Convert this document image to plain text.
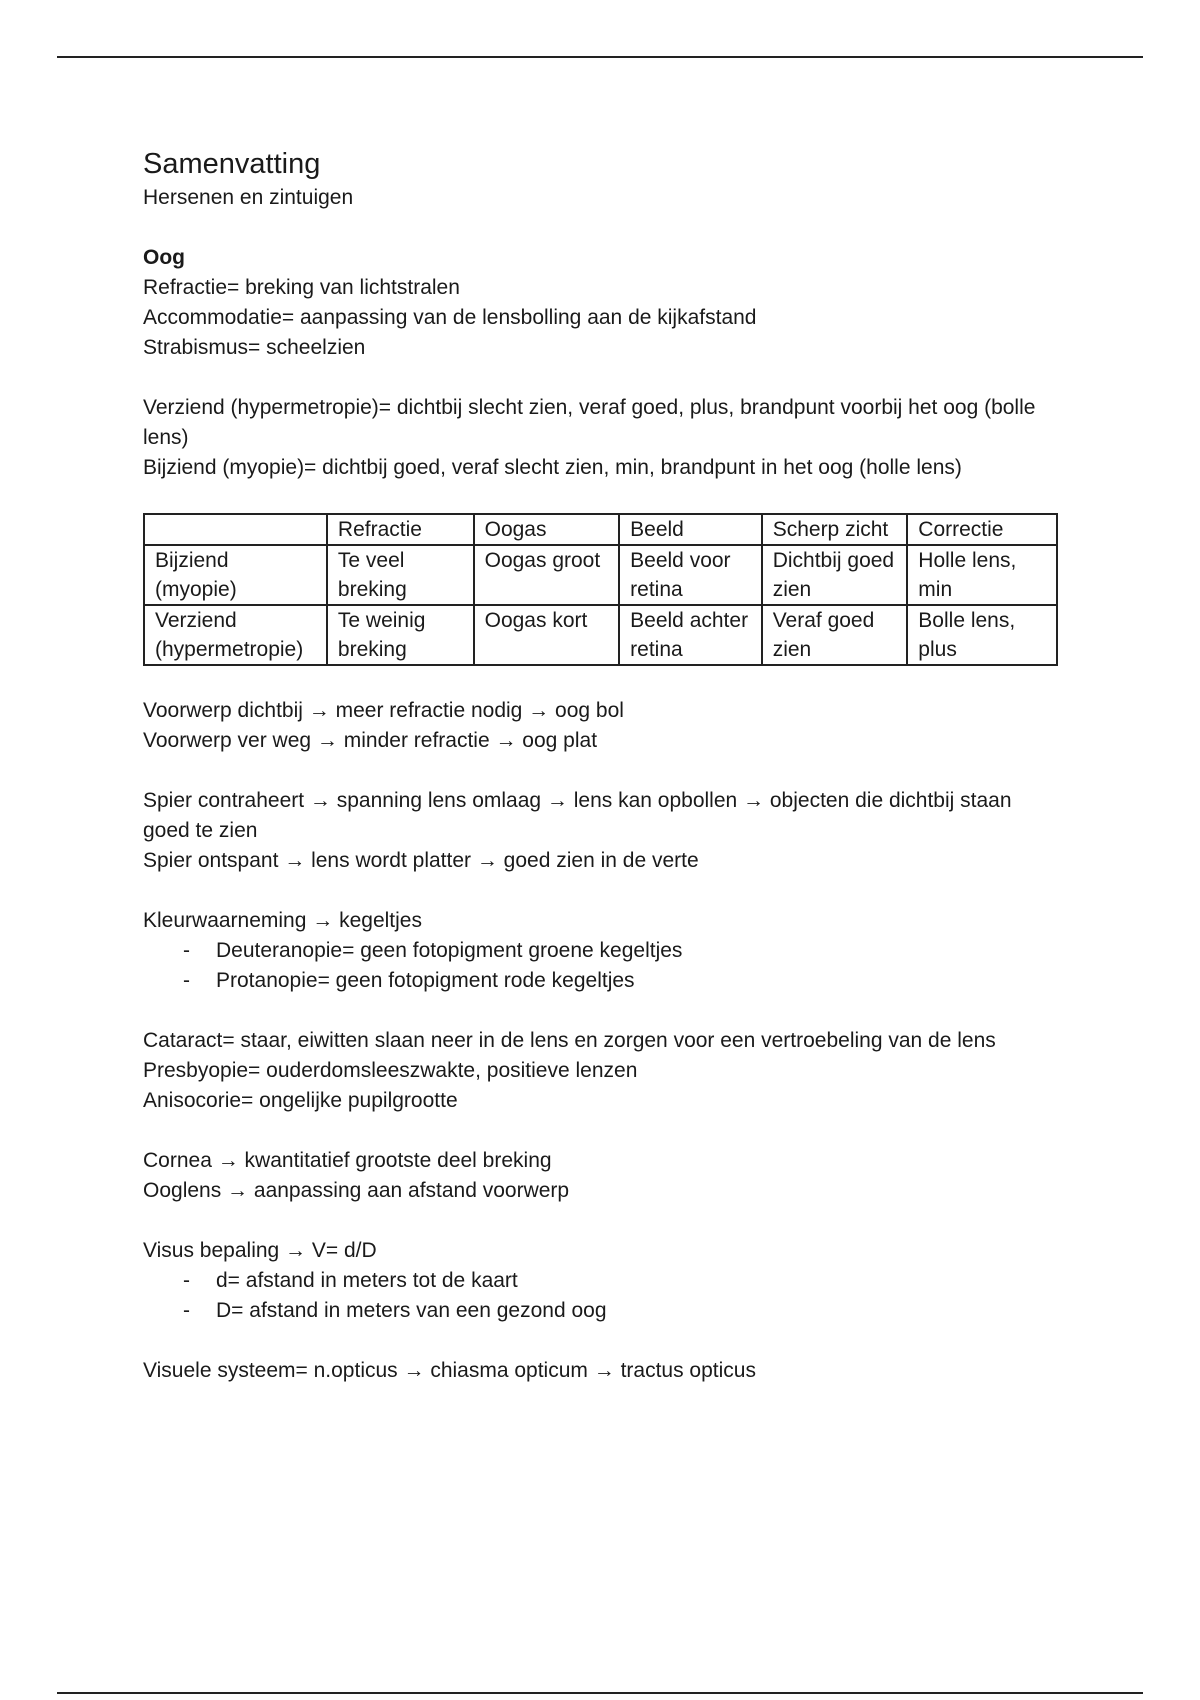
Samenvatting

Hersenen en zintuigen

Oog

Refractie= breking van lichtstralen

Accommodatie= aanpassing van de lensbolling aan de kijkafstand

Strabismus= scheelzien

Verziend (hypermetropie)= dichtbij slecht zien, veraf goed, plus, brandpunt voorbij het oog (bolle lens)

Bijziend (myopie)= dichtbij goed, veraf slecht zien, min, brandpunt in het oog (holle lens)

	Refractie	Oogas	Beeld	Scherp zicht	Correctie
Bijziend (myopie)	Te veel breking	Oogas groot	Beeld voor retina	Dichtbij goed zien	Holle lens, min
Verziend (hypermetropie)	Te weinig breking	Oogas kort	Beeld achter retina	Veraf goed zien	Bolle lens, plus

Voorwerp dichtbij → meer refractie nodig → oog bol

Voorwerp ver weg → minder refractie → oog plat

Spier contraheert → spanning lens omlaag → lens kan opbollen → objecten die dichtbij staan goed te zien

Spier ontspant → lens wordt platter → goed zien in de verte

Kleurwaarneming → kegeltjes

- Deuteranopie= geen fotopigment groene kegeltjes
- Protanopie= geen fotopigment rode kegeltjes

Cataract= staar, eiwitten slaan neer in de lens en zorgen voor een vertroebeling van de lens

Presbyopie= ouderdomsleeszwakte, positieve lenzen

Anisocorie= ongelijke pupilgrootte

Cornea → kwantitatief grootste deel breking

Ooglens → aanpassing aan afstand voorwerp

Visus bepaling → V= d/D

- d= afstand in meters tot de kaart
- D= afstand in meters van een gezond oog

Visuele systeem= n.opticus → chiasma opticum → tractus opticus
